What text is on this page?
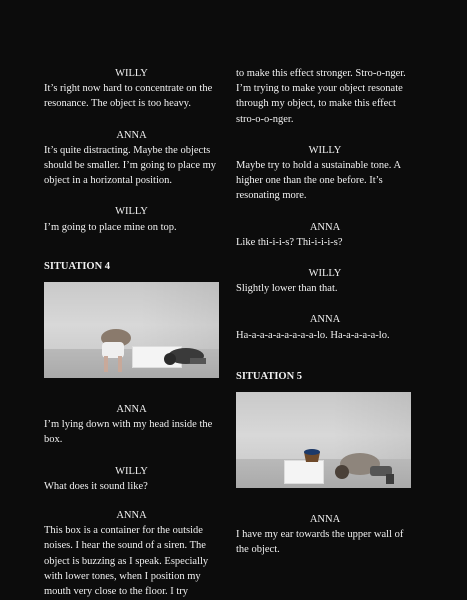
WILLY

It’s right now hard to concentrate on the resonance. The object is too heavy.

ANNA

It’s quite distracting. Maybe the objects should be smaller. I’m going to place my object in a horizontal position.

WILLY

I’m going to place mine on top.

SITUATION 4

ANNA

I’m lying down with my head inside the box.

WILLY

What does it sound like?

ANNA

This box is a container for the outside noises. I hear the sound of a siren. The object is buzzing as I speak. Especially with lower tones, when I position my mouth very close to the floor. I try

to make this effect stronger. Stro-o-nger. I’m trying to make your object resonate through my object, to make this effect stro-o-o-nger.

WILLY

Maybe try to hold a sustainable tone. A higher one than the one before. It’s resonating more.

ANNA

Like thi-i-i-s? Thi-i-i-i-s?

WILLY

Slightly lower than that.

ANNA

Ha-a-a-a-a-a-a-a-a-lo. Ha-a-a-a-a-lo.

SITUATION 5

ANNA

I have my ear towards the upper wall of the object.
